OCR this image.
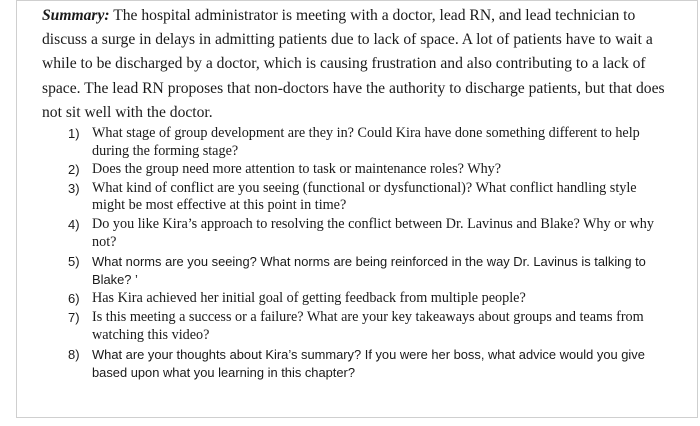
Summary: The hospital administrator is meeting with a doctor, lead RN, and lead technician to discuss a surge in delays in admitting patients due to lack of space. A lot of patients have to wait a while to be discharged by a doctor, which is causing frustration and also contributing to a lack of space. The lead RN proposes that non-doctors have the authority to discharge patients, but that does not sit well with the doctor.

1) What stage of group development are they in? Could Kira have done something different to help during the forming stage?
2) Does the group need more attention to task or maintenance roles? Why?
3) What kind of conflict are you seeing (functional or dysfunctional)? What conflict handling style might be most effective at this point in time?
4) Do you like Kira’s approach to resolving the conflict between Dr. Lavinus and Blake? Why or why not?
5) What norms are you seeing? What norms are being reinforced in the way Dr. Lavinus is talking to Blake? ’
6) Has Kira achieved her initial goal of getting feedback from multiple people?
7) Is this meeting a success or a failure? What are your key takeaways about groups and teams from watching this video?
8) What are your thoughts about Kira’s summary? If you were her boss, what advice would you give based upon what you learning in this chapter?
